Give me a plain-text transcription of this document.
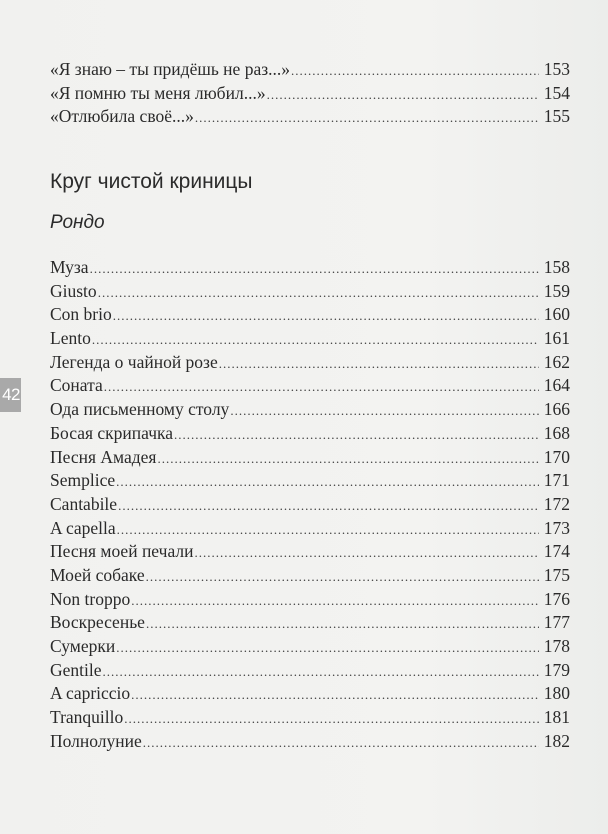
42
«Я знаю – ты придёшь не раз...» .....	153
«Я помню ты меня любил...» .....	154
«Отлюбила своё...» .....	155
Круг чистой криницы
Рондо
Муза .....	158
Giusto .....	159
Con brio .....	160
Lento .....	161
Легенда о чайной розе .....	162
Соната .....	164
Ода письменному столу .....	166
Босая скрипачка .....	168
Песня Амадея .....	170
Semplice .....	171
Cantabile .....	172
A capella .....	173
Песня моей печали .....	174
Моей собаке .....	175
Non troppo .....	176
Воскресенье .....	177
Сумерки .....	178
Gentile .....	179
A capriccio .....	180
Tranquillo .....	181
Полнолуние .....	182
